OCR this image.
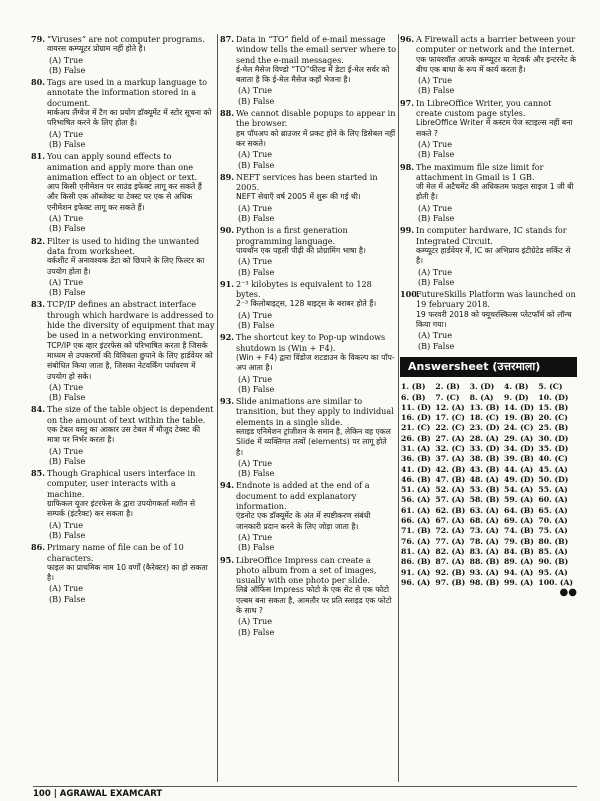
79. “Viruses” are not computer programs.
वायरस कम्प्यूटर प्रोग्राम नहीं होते है।
(A) True
(B) False
80. Tags are used in a markup language to annotate the information stored in a document.
मार्कअप लैंग्वेज में टैग का प्रयोग डॉक्यूमेंट में स्टोर सूचना को परिभाषित करने के लिए होता है।
(A) True
(B) False
81. You can apply sound effects to animation and apply more than one animation effect to an object or text.
आप किसी एनीमेशन पर साउंड इफेक्ट लागू कर सकते हैं और किसी एक ऑब्जेक्ट या टेक्स्ट पर एक से अधिक एनीमेशन इफेक्ट लागू कर सकते हैं।
(A) True
(B) False
82. Filter is used to hiding the unwanted data from worksheet.
वर्कशीट में अनावश्यक डेटा को छिपाने के लिए फिल्टर का उपयोग होता है।
(A) True
(B) False
83. TCP/IP defines an abstract interface through which hardware is addressed to hide the diversity of equipment that may be used in a networking environment.
TCP/IP एक व्हार इंटरफेस को परिभाषित करता है जिसके माध्यम से उपकरणों की विविधता छुपाने के लिए हार्डवेयर को संबोधित किया जाता है, जिसका नेटवर्किंग पर्यावरण में उपयोग हो सके।
(A) True
(B) False
84. The size of the table object is dependent on the amount of text within the table.
एक टेबल वस्तु का आकार उस टेबल में मौजूद टेक्स्ट की मात्रा पर निर्भर करता है।
(A) True
(B) False
85. Though Graphical users interface in computer, user interacts with a machine.
ग्राफिकल यूजर इंटरफेस के द्वारा उपयोगकर्ता मशीन से सम्पर्क (इंटरैक्ट) कर सकता है।
(A) True
(B) False
86. Primary name of file can be of 10 characters.
फाइल का प्राथमिक नाम 10 वर्णों (कैरेक्टर) का हो सकता है।
(A) True
(B) False
87. Data in “TO” field of e-mail message window tells the email server where to send the e-mail messages.
ई-मेल मैसेज विण्डो “TO”फील्ड में डेटा ई-मेल सर्वर को बताता है कि ई-मेल मैसेज कहाँ भेजना है।
(A) True
(B) False
88. We cannot disable popups to appear in the browser.
हम पॉपअप को ब्राउजर में प्रकट होने के लिए डिसेबल नहीं कर सकते।
(A) True
(B) False
89. NEFT services has been started in 2005.
NEFT सेवाएँ वर्ष 2005 में शुरू की गई थी।
(A) True
(B) False
90. Python is a first generation programming language.
पायथॉन एक पहली पीढ़ी की प्रोग्रामिंग भाषा है।
(A) True
(B) False
91. 2⁻³ kilobytes is equivalent to 128 bytes.
2⁻³ किलोबाइट्स, 128 बाइट्स के बराबर होते हैं।
(A) True
(B) False
92. The shortcut key to Pop-up windows shutdown is (Win + F4).
(Win + F4) द्वारा विंडोज शटडाउन के विकल्प का पॉप-अप आता है।
(A) True
(B) False
93. Slide animations are similar to transition, but they apply to individual elements in a single slide.
स्लाइड एनिमेशन ट्रांजीशन के समान है, लेकिन वह एकल Slide में व्यक्तिगत तत्वों (elements) पर लागू होते है।
(A) True
(B) False
94. Endnote is added at the end of a document to add explanatory information.
एंडनोट एक डॉक्यूमेंट के अंत में स्पष्टीकरण संबंधी जानकारी प्रदान करने के लिए जोड़ा जाता है।
(A) True
(B) False
95. LibreOffice Impress can create a photo album from a set of images, usually with one photo per slide.
लिब्रे ऑफिस Impress फोटो के एक सेट से एक फोटो एल्बम बना सकता है, आमतौर पर प्रति स्लाइड एक फोटो के साथ ?
(A) True
(B) False
96. A Firewall acts a barrier between your computer or network and the internet.
एक फायरवॉल आपके कम्प्यूटर या नेटवर्क और इन्टरनेट के बीच एक बाधा के रूप में कार्य करता है।
(A) True
(B) False
97. In LibreOffice Writer, you cannot create custom page styles.
LibreOffice Writer में कस्टम पेज स्टाइल्स नहीं बना सकते ?
(A) True
(B) False
98. The maximum file size limit for attachment in Gmail is 1 GB.
जी मेल में अटैचमेंट की अधिकतम फाइल साइज 1 जी बी होती है।
(A) True
(B) False
99. In computer hardware, IC stands for Integrated Circuit.
कम्प्यूटर हार्डवेयर में, IC का अभिप्राय इंटीग्रेटेड सर्किट से है।
(A) True
(B) False
100.
FutureSkills Platform was launched on 19 february 2018.
19 फरवरी 2018 को फ्यूचरस्किल्स प्लेटफॉर्म को लॉन्च किया गया।
(A) True
(B) False
Answersheet (उत्तरमाला)
1. (B)	2. (B)	3. (D)	4. (B)	5. (C)
6. (B)	7. (C)	8. (A)	9. (D)	10. (D)
11. (D)	12. (A)	13. (B)	14. (D)	15. (B)
16. (D)	17. (C)	18. (C)	19. (B)	20. (C)
21. (C)	22. (C)	23. (D)	24. (C)	25. (B)
26. (B)	27. (A)	28. (A)	29. (A)	30. (D)
31. (A)	32. (C)	33. (D)	34. (D)	35. (D)
36. (B)	37. (A)	38. (B)	39. (B)	40. (C)
41. (D)	42. (B)	43. (B)	44. (A)	45. (A)
46. (B)	47. (B)	48. (A)	49. (D)	50. (D)
51. (A)	52. (A)	53. (B)	54. (A)	55. (A)
56. (A)	57. (A)	58. (B)	59. (A)	60. (A)
61. (A)	62. (B)	63. (A)	64. (B)	65. (A)
66. (A)	67. (A)	68. (A)	69. (A)	70. (A)
71. (B)	72. (A)	73. (A)	74. (B)	75. (A)
76. (A)	77. (A)	78. (A)	79. (B)	80. (B)
81. (A)	82. (A)	83. (A)	84. (B)	85. (A)
86. (B)	87. (A)	88. (B)	89. (A)	90. (B)
91. (A)	92. (B)	93. (A)	94. (A)	95. (A)
96. (A)	97. (B)	98. (B)	99. (A)	100. (A)
●●
100 | AGRAWAL EXAMCART
